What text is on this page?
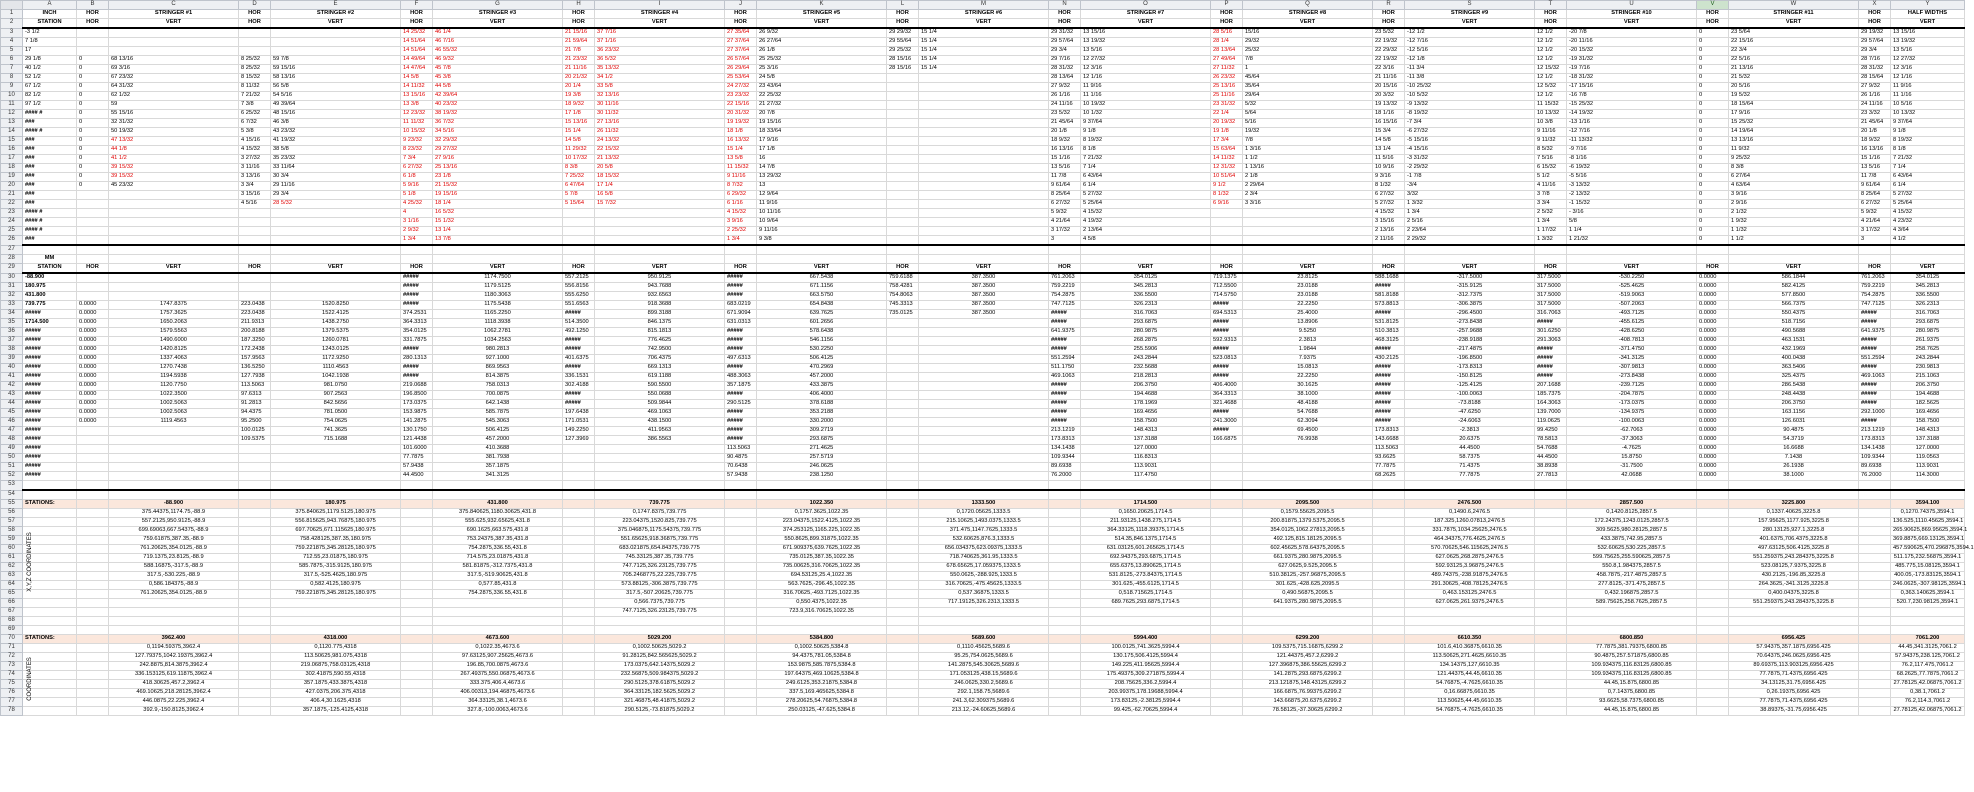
	A	B	C	D	E	F	G	H	I	J	K	L	M	N	O	P	Q	R	S	T	U	V	W	X	Y
1	INCH	HOR	STRINGER #1	HOR	STRINGER #2	HOR	STRINGER #3	HOR	STRINGER #4	HOR	STRINGER #5	HOR	STRINGER #6	HOR	STRINGER #7	HOR	STRINGER #8	HOR	STRINGER #9	HOR	STRINGER #10	HOR	STRINGER #11	HOR	HALF WIDTHS
2	STATION	HOR	VERT	HOR	VERT	HOR	VERT	HOR	VERT	HOR	VERT	HOR	VERT	HOR	VERT	HOR	VERT	HOR	VERT	HOR	VERT	HOR	VERT	HOR	VERT
3	-3 1/2					14 25/32	46 1/4	21 15/16	37 7/16	27 35/64	26 9/32	29 29/32	15 1/4	29 31/32	13 15/16	28 5/16	15/16	23 5/32	-12 1/2	12 1/2	-20 7/8	0	23 5/64	29 19/32	13 15/16
4	7 1/8					14 51/64	46 7/16	21 59/64	37 1/16	27 37/64	26 27/64	29 55/64	15 1/4	29 57/64	13 19/32	28 1/4	29/32	22 19/32	-12 7/16	12 1/2	-20 11/16	0	22 15/16	29 57/64	13 19/32
5	17					14 51/64	46 55/32	21 7/8	36 23/32	27 37/64	26 1/8	29 25/32	15 1/4	29 3/4	13 5/16	28 13/64	25/32	22 29/32	-12 5/16	12 1/2	-20 15/32	0	22 3/4	29 3/4	13 5/16
6	29 1/8	0	68 13/16	8 25/32	59 7/8	14 49/64	46 9/32	21 23/32	36 5/32	26 57/64	25 25/32	28 15/16	15 1/4	29 7/16	12 27/32	27 49/64	7/8	22 19/32	-12 1/8	12 1/2	-19 31/32	0	22 5/16	28 7/16	12 27/32
7	40 1/2	0	69 3/16	8 25/32	59 15/16	14 47/64	45 7/8	21 11/16	35 13/32	26 29/64	25 3/16	28 15/16	15 1/4	28 31/32	12 3/16	27 11/32	1	22 3/16	-11 3/4	12 15/32	-19 7/16	0	21 13/16	28 31/32	12 3/16
8	52 1/2	0	67 23/32	8 15/32	58 13/16	14 5/8	45 3/8	20 21/32	34 1/2	25 53/64	24 5/8			28 13/64	12 1/16	26 23/32	45/64	21 11/16	-11 3/8	12 1/2	-18 31/32	0	21 5/32	28 15/64	12 1/16
9	67 1/2	0	64 31/32	8 11/32	56 5/8	14 11/32	44 5/8	20 1/4	33 5/8	24 27/32	23 43/64			27 9/32	11 9/16	25 13/16	35/64	20 15/16	-10 25/32	12 5/32	-17 15/16	0	20 5/16	27 9/32	11 9/16
10	82 1/2	0	62 1/32	7 21/32	54 5/16	13 15/16	42 39/64	19 3/8	32 13/16	23 23/32	22 25/32			26 1/16	11 1/16	25 11/16	29/64	20 3/32	-10 5/32	12 1/2	-16 7/8	0	19 5/32	26 1/16	11 1/16
11	97 1/2	0	59	7 3/8	49 39/64	13 3/8	40 23/32	18 9/32	30 11/16	22 15/16	21 27/32			24 11/16	10 19/32	23 31/32	5/32	19 13/32	-9 13/32	11 15/32	-15 25/32	0	18 15/64	24 11/16	10 5/16
12	#### #	0	55 15/16	6 25/32	48 15/16	12 23/32	38 19/32	17 1/8	30 11/32	20 31/32	20 7/8			23 5/32	10 1/32	22 1/4	5/64	18 1/16	-8 19/32	10 13/32	-14 19/32	0	17 9/16	23 3/32	10 13/32
13	###	0	32 31/32	6 7/32	46 3/8	11 11/32	36 7/32	15 13/16	27 13/16	19 19/32	19 15/16			21 45/64	9 37/64	20 19/32	5/16	16 15/16	-7 3/4	10 3/8	-13 1/16	0	15 25/32	21 45/64	9 37/64
14	#### #	0	50 19/32	5 3/8	43 23/32	10 15/32	34 5/16	15 1/4	26 11/32	18 1/8	18 33/64			20 1/8	9 1/8	19 1/8	19/32	15 3/4	-6 27/32	9 11/16	-12 7/16	0	14 19/64	20 1/8	9 1/8
15	###	0	47 13/32	4 15/16	41 19/32	9 23/32	32 29/32	14 5/8	24 13/32	16 13/32	17 9/16			18 9/32	8 19/32	17 3/4	7/8	14 5/8	-5 15/16	9 11/32	-11 13/32	0	13 13/16	18 9/32	8 19/32
16	###	0	44 1/8	4 15/32	38 5/8	8 23/32	29 27/32	11 29/32	22 15/32	15 1/4	17 1/8			16 13/16	8 1/8	15 63/64	1 3/16	13 1/4	-4 15/16	8 5/32	-9 7/16	0	11 9/32	16 13/16	8 1/8
17	###	0	41 1/2	3 27/32	35 23/32	7 3/4	27 9/16	10 17/32	21 13/32	13 5/8	16			15 1/16	7 21/32	14 11/32	1 1/2	11 5/16	-3 31/32	7 5/16	-8 1/16	0	9 25/32	15 1/16	7 21/32
18	###	0	39 15/32	3 11/16	33 11/64	6 27/32	25 13/16	8 3/8	20 5/8	11 15/32	14 7/8			13 5/16	7 1/4	12 31/32	1 13/16	10 9/16	-2 29/32	6 15/32	-6 19/32	0	8 3/8	13 5/16	7 1/4
19	###	0	39 15/32	3 13/16	30 3/4	6 1/8	23 1/8	7 25/32	18 15/32	9 11/16	13 29/32			11 7/8	6 43/64	10 51/64	2 1/8	9 3/16	-1 7/8	5 1/2	-5 5/16	0	6 27/64	11 7/8	6 43/64
20	###	0	45 23/32	3 3/4	29 11/16	5 9/16	21 15/32	6 47/64	17 1/4	8 7/32	13			9 61/64	6 1/4	9 1/2	2 29/64	8 1/32	-3/4	4 11/16	-3 13/32	0	4 63/64	9 61/64	6 1/4
21	###			3 15/16	29 3/4	5 1/8	19 15/16	5 7/8	16 5/8	6 29/32	12 9/64			8 25/64	5 27/32	8 1/32	2 3/4	6 27/32	3/32	3 7/8	-2 13/32	0	3 9/16	8 25/64	5 27/32
22	###			4 5/16	28 5/32	4 25/32	18 1/4	5 15/64	15 7/32	6 1/16	11 9/16			6 27/32	5 25/64	6 9/16	3 3/16	5 27/32	1 3/32	3 3/4	-1 15/32	0	2 9/16	6 27/32	5 25/64
23	#### #					4	16 5/32			4 15/32	10 11/16			5 9/32	4 15/32			4 15/32	1 3/4	2 5/32	- 3/16	0	2 1/32	5 9/32	4 15/32
24	#### #					3 1/16	15 1/32			3 9/16	10 9/64			4 21/64	4 19/32			3 15/16	2 5/16	1 3/4	5/8	0	1 9/32	4 21/64	4 23/32
25	#### #					2 9/32	13 1/4			2 25/32	9 11/16			3 17/32	2 13/64			2 13/16	2 23/64	1 17/32	1 1/4	0	1 1/32	3 17/32	4 3/64
26	###					1 3/4	13 7/8			1 3/4	9 3/8			3	4 5/8			2 11/16	2 29/32	1 3/32	1 21/32	0	1 1/2	3	4 1/2
27																									
28	MM																								
29	STATION	HOR	VERT	HOR	VERT	HOR	VERT	HOR	VERT	HOR	VERT	HOR	VERT	HOR	VERT	HOR	VERT	HOR	VERT	HOR	VERT	HOR	VERT	HOR	VERT
30	-88.900					#####	1174.7500	557.2125	950.9125	#####	667.5438	759.6188	387.3500	761.2063	354.0125	719.1375	23.8125	588.1688	-317.5000	317.5000	-530.2250	0.0000	586.1844	761.2063	354.0125
31	180.975					#####	1179.5125	556.8156	943.7688	#####	671.1156	758.4281	387.3500	759.2219	345.2813	712.5500	23.0188	#####	-315.9125	317.5000	-525.4625	0.0000	582.4125	759.2219	345.2813
32	431.800					#####	1180.3063	555.6250	932.6563	#####	663.5750	754.8063	387.3500	754.2875	336.5500	714.5750	23.0188	581.8188	-312.7375	317.5000	-519.9063	0.0000	577.8500	754.2875	336.5500
33	739.775	0.0000	1747.8375	223.0438	1520.8250	#####	1175.5438	551.6563	918.3688	683.0219	654.8438	745.3313	387.3500	747.7125	326.2313	#####	22.2250	573.8813	-306.3875	317.5000	-507.2063	0.0000	566.7375	747.7125	326.2313
34	#####	0.0000	1757.3625	223.0438	1522.4125	374.2531	1165.2250	#####	899.3188	671.9094	639.7625	735.0125	387.3500	#####	316.7063	694.5313	25.4000	#####	-296.4500	316.7063	-493.7125	0.0000	550.4375	#####	316.7063
35	1714.500	0.0000	1650.2063	211.9313	1438.2750	364.3313	1118.3938	514.3500	846.1375	631.0313	601.2656			#####	293.6875	#####	13.8906	531.8125	-273.8438	#####	-455.6125	0.0000	518.7156	#####	293.6875
36	#####	0.0000	1579.5563	200.8188	1379.5375	354.0125	1062.2781	492.1250	815.1813	#####	578.6438			641.9375	280.9875	#####	9.5250	510.3813	-257.9688	301.6250	-428.6250	0.0000	490.5688	641.9375	280.9875
37	#####	0.0000	1490.6000	187.3250	1260.0781	331.7875	1034.2563	#####	776.4625	#####	546.1156			#####	268.2875	592.9313	2.3813	468.3125	-238.9188	291.3063	-408.7813	0.0000	463.1531	#####	261.9375
38	#####	0.0000	1420.8125	172.2438	1243.0125	#####	980.2813	#####	742.9500	#####	530.2250			#####	255.5906	#####	1.9844	#####	-217.4875	#####	-371.4750	0.0000	432.1969	#####	258.7625
39	#####	0.0000	1337.4063	157.9563	1172.9250	280.1313	927.1000	401.6375	706.4375	497.6313	506.4125			551.2594	243.2844	523.0813	7.9375	430.2125	-196.8500	#####	-341.3125	0.0000	400.0438	551.2594	243.2844
40	#####	0.0000	1270.7438	136.5250	1110.4563	#####	869.9563	#####	669.1313	#####	470.2969			511.1750	232.5688	#####	15.0813	#####	-173.8313	#####	-307.9813	0.0000	363.5406	#####	230.9813
41	#####	0.0000	1194.5938	127.7938	1042.1938	#####	814.3875	336.1531	619.1188	488.3063	457.2000			469.1063	218.2813	#####	22.2250	#####	-150.8125	#####	-273.8438	0.0000	325.4375	469.1063	215.1063
42	#####	0.0000	1120.7750	113.5063	981.0750	219.0688	758.0313	302.4188	590.5500	357.1875	433.3875			#####	206.3750	406.4000	30.1625	#####	-125.4125	207.1688	-239.7125	0.0000	286.5438	#####	206.3750
43	#####	0.0000	1022.3500	97.6313	907.2563	196.8500	700.0875	#####	550.0688	#####	406.4000			#####	194.4688	364.3313	38.1000	#####	-100.0063	185.7375	-204.7875	0.0000	248.4438	#####	194.4688
44	#####	0.0000	1002.5063	91.2813	842.5656	173.0375	642.1438	#####	509.9844	290.5125	378.6188			#####	178.1969	321.4688	48.4188	#####	-73.8188	164.3063	-173.0375	0.0000	206.3750	#####	182.5625
45	#####	0.0000	1002.5063	94.4375	781.0500	153.9875	585.7875	197.6438	469.1063	#####	353.2188			#####	169.4656	#####	54.7688	#####	-47.6250	139.7000	-134.9375	0.0000	163.1156	292.1000	169.4656
46	#####	0.0000	1119.4563	95.2500	754.0625	141.2875	545.3063	171.0531	438.1500	#####	330.2000			#####	158.7500	241.3000	62.3094	#####	-24.6063	119.0625	-100.0063	0.0000	126.6031	#####	158.7500
47	#####			100.0125	741.3625	130.1750	506.4125	149.2250	411.9563	#####	309.2719			213.1219	148.4313	#####	69.4500	173.8313	-2.3813	99.4250	-62.7063	0.0000	90.4875	213.1219	148.4313
48	#####			109.5375	715.1688	121.4438	457.2000	127.3969	386.5563	#####	293.6875			173.8313	137.3188	166.6875	76.9938	143.6688	20.6375	78.5813	-37.3063	0.0000	54.3719	173.8313	137.3188
49	#####					101.6000	410.3688			113.5063	271.4625			134.1438	127.0000			113.5063	44.4500	54.7688	-4.7625	0.0000	16.6688	134.1438	127.0000
50	#####					77.7875	381.7938			90.4875	257.5719			109.9344	116.8313			93.6625	58.7375	44.4500	15.8750	0.0000	7.1438	109.9344	119.0563
51	#####					57.9438	357.1875			70.6438	246.0625			89.6938	113.9031			77.7875	71.4375	38.8938	-31.7500	0.0000	26.1938	89.6938	113.9031
52	#####					44.4500	341.3125			57.9438	238.1250			76.2000	117.4750			68.2625	77.7875	27.7813	42.0688	0.0000	38.1000	76.2000	114.3000
53																									
54																									
55	STATIONS:		-88.900		180.975		431.800		739.775		1022.350		1333.500		1714.500		2095.500		2476.500		2857.500		3225.800		3594.100
56			375.44375,1174.75,-88.9		375.840625,1179.5125,180.975		375.840625,1180.30625,431.8		0,1747.8375,739.775		0,1757.3625,1022.35		0,1720.05625,1333.5		0,1650.20625,1714.5		0,1579.55625,2095.5		0,1490.6,2476.5		0,1420.8125,2857.5		0,1337.40625,3225.8		0,1270.74375,3594.1
57			557.2125,950.9125,-88.9		556.815625,943.76875,180.975		555.625,932.65625,431.8		223.04375,1520.825,739.775		223.04375,1522.4125,1022.35		215.10625,1493.0375,1333.5		211.93125,1438.275,1714.5		200.81875,1379.5375,2095.5		187.325,1260.07813,2476.5		172.24375,1243.0125,2857.5		157.95625,1177.925,3225.8		136.525,1110.45625,3594.1
58			699.69063,667.54375,-88.9		697.70625,671.115625,180.975		690.1625,663.575,431.8		375.046875,1175.54375,739.775		374.253125,1165.225,1022.35		371.475,1147.7625,1333.5		364.33125,1118.39375,1714.5		354.0125,1062.27813,2095.5		331.7875,1034.25625,2476.5		309.5625,980.28125,2857.5		280.13125,927.1,3225.8		265.90625,869.95625,3594.1
59			759.61875,387.35,-88.9		758.428125,387.35,180.975		753.24375,387.35,431.8		551.65625,918.36875,739.775		550.8625,899.31875,1022.35		532.60625,876.3,1333.5		514.35,846.1375,1714.5		492.125,815.18125,2095.5		464.34375,776.4625,2476.5		433.3875,742.95,2857.5		401.6375,706.4375,3225.8		369.8875,669.13125,3594.1
60			761.20625,354.0125,-88.9		759.221875,345.28125,180.975		754.2875,336.55,431.8		683.021875,654.84375,739.775		671.909375,639.7625,1022.35		656.034375,623.09375,1333.5		631.03125,601.265625,1714.5		602.45625,578.64375,2095.5		570.70625,546.115625,2476.5		532.60625,530.225,2857.5		497.63125,506.4125,3225.8		457.590625,470.296875,3594.1
61			719.1375,23.8125,-88.9		712.55,23.01875,180.975		714.575,23.01875,431.8		745.33125,387.35,739.775		735.0125,387.35,1022.35		718.740625,361.95,1333.5		692.94375,293.6875,1714.5		661.9375,280.9875,2095.5		627.0625,268.2875,2476.5		599.75625,255.590625,2857.5		551.259375,243.284375,3225.8		511.175,232.56875,3594.1
62			588.16875,-317.5,-88.9		585.7875,-315.9125,180.975		581.81875,-312.7375,431.8		747.7125,326.23125,739.775		735.00625,316.70625,1022.35		678.65625,17.059375,1333.5		655.6375,13.890625,1714.5		627.0625,9.525,2095.5		592.93125,3.96875,2476.5		550.8,1.984375,2857.5		523.08125,7.9375,3225.8		485.775,15.08125,3594.1
63			317.5,-530.225,-88.9		317.5,-525.4625,180.975		317.5,-519.90625,431.8		705.2468775,22.225,739.775		694.53125,25.4,1022.35		550.0625,-288.925,1333.5		531.8125,-273.84375,1714.5		510.38125,-257.96875,2095.5		489.74375,-238.91875,2476.5		458.7875,-217.4875,2857.5		430.2125,-196.85,3225.8		400.05,-173.83125,3594.1
64			0,586.184375,-88.9		0,582.4125,180.975		0,577.85,431.8		573.88125,-306.3875,739.775		563.7625,-296.45,1022.35		316.70625,-475.45625,1333.5		301.625,-455.6125,1714.5		301.625,-428.625,2095.5		291.30625,-408.78125,2476.5		277.8125,-371.475,2857.5		264.3625,-341.3125,3225.8		246.0625,-307.98125,3594.1
65			761.20625,354.0125,-88.9		759.221875,345.28125,180.975		754.2875,336.55,431.8		317.5,-507.20625,739.775		316.70625,-493.7125,1022.35		0,537.36875,1333.5		0,518.715625,1714.5		0,490.56875,2095.5		0,463.153125,2476.5		0,432.196875,2857.5		0,400.04375,3225.8		0,363.140625,3594.1
66									0,566.7375,739.775		0,550.4375,1022.35		717.19125,326.2313,1333.5		689.7625,293.6875,1714.5		641.9375,280.9875,2095.5		627.0625,261.9375,2476.5		589.75625,258.7625,2857.5		551.259375,243.284375,3225.8		520.7,230.98125,3594.1
67									747.7125,326.23125,739.775		723.9,316.70625,1022.35														
68																									
69																									
70	STATIONS:		3962.400		4318.000		4673.600		5029.200		5384.800		5689.600		5994.400		6299.200		6610.350		6800.850		6956.425		7061.200
71			0,1194.59375,3962.4		0,1120.775,4318		0,1022.35,4673.6		0,1002.50625,5029.2		0,1002.50625,5384.8		0,1110.45625,5689.6		100.0125,741.3625,5994.4		109.5375,715.16875,6299.2		101.6,410.36875,6610.35		77.7875,381.79375,6800.85		57.94375,357.1875,6956.425		44.45,341.3125,7061.2
72			127.79375,1042.19375,3962.4		113.50625,981.075,4318		97.63125,907.25625,4673.6		91.28125,842.565625,5029.2		94.4375,781.05,5384.8		95.25,754.0625,5689.6		130.175,506.4125,5994.4		121.44375,457.2,6299.2		113.50625,271.4625,6610.35		90.4875,257.571875,6800.85		70.64375,246.0625,6956.425		57.94375,238.125,7061.2
73			242.8875,814.3875,3962.4		219.06875,758.03125,4318		196.85,700.0875,4673.6		173.0375,642.14375,5029.2		153.9875,585.7875,5384.8		141.2875,545.30625,5689.6		149.225,411.95625,5994.4		127.396875,386.55625,6299.2		134.14375,127,6610.35		109.934375,116.83125,6800.85		89.69375,113.903125,6956.425		76.2,117.475,7061.2
74			336.153125,619.11875,3962.4		302.41875,590.55,4318		267.49375,550.06875,4673.6		232.56875,509.984375,5029.2		197.64375,469.10625,5384.8		171.053125,438.15,5689.6		175.49375,309.271875,5994.4		141.2875,293.6875,6299.2		121.44375,44.45,6610.35		109.934375,116.83125,6800.85		77.7875,71.4375,6956.425		68.2625,77.7875,7061.2
75			418.30625,457.2,3962.4		357.1875,433.3875,4318		333.375,406.4,4673.6		290.5125,378.61875,5029.2		249.6125,353.21875,5384.8		246.0625,330.2,5689.6		208.75625,336.2,5994.4		213.121875,148.43125,6299.2		54.76875,-4.7625,6610.35		44.45,15.875,6800.85		34.13125,31.75,6956.425		27.78125,42.06875,7061.2
76			469.10625,218.28125,3962.4		427.0375,206.375,4318		406.00313,194.46875,4673.6		364.33125,182.5625,5029.2		337.5,169.465625,5384.8		292.1,158.75,5689.6		203.99375,178.19688,5994.4		166.6875,76.99375,6299.2		0,16.66875,6610.35		0,7.14375,6800.85		0,26.19375,6956.425		0,38.1,7061.2
77			446.0875,22.225,3962.4		406.4,30.1625,4318		364.33125,38.1,4673.6		321.46875,48.41875,5029.2		278.20625,54.76875,5384.8		241.3,62.309375,5689.6		173.83125,-2.38125,5994.4		143.66875,20.6375,6299.2		113.50625,44.45,6610.35		93.6625,58.7375,6800.85		77.7875,71.4375,6956.425		76.2,114.3,7061.2
78			392.9,-150.8125,3962.4		357.1875,-125.4125,4318		327.8,-100.0063,4673.6		290.5125,-73.81875,5029.2		250.03125,-47.625,5384.8		213.12,-24.60625,5689.6		99.425,-62.70625,5994.4		78.58125,-37.30625,6299.2		54.76875,-4.7625,6610.35		44.45,15.875,6800.85		38.89375,-31.75,6956.425		27.78125,42.06875,7061.2
X,Y,Z COORDINATES
COORDINATES
